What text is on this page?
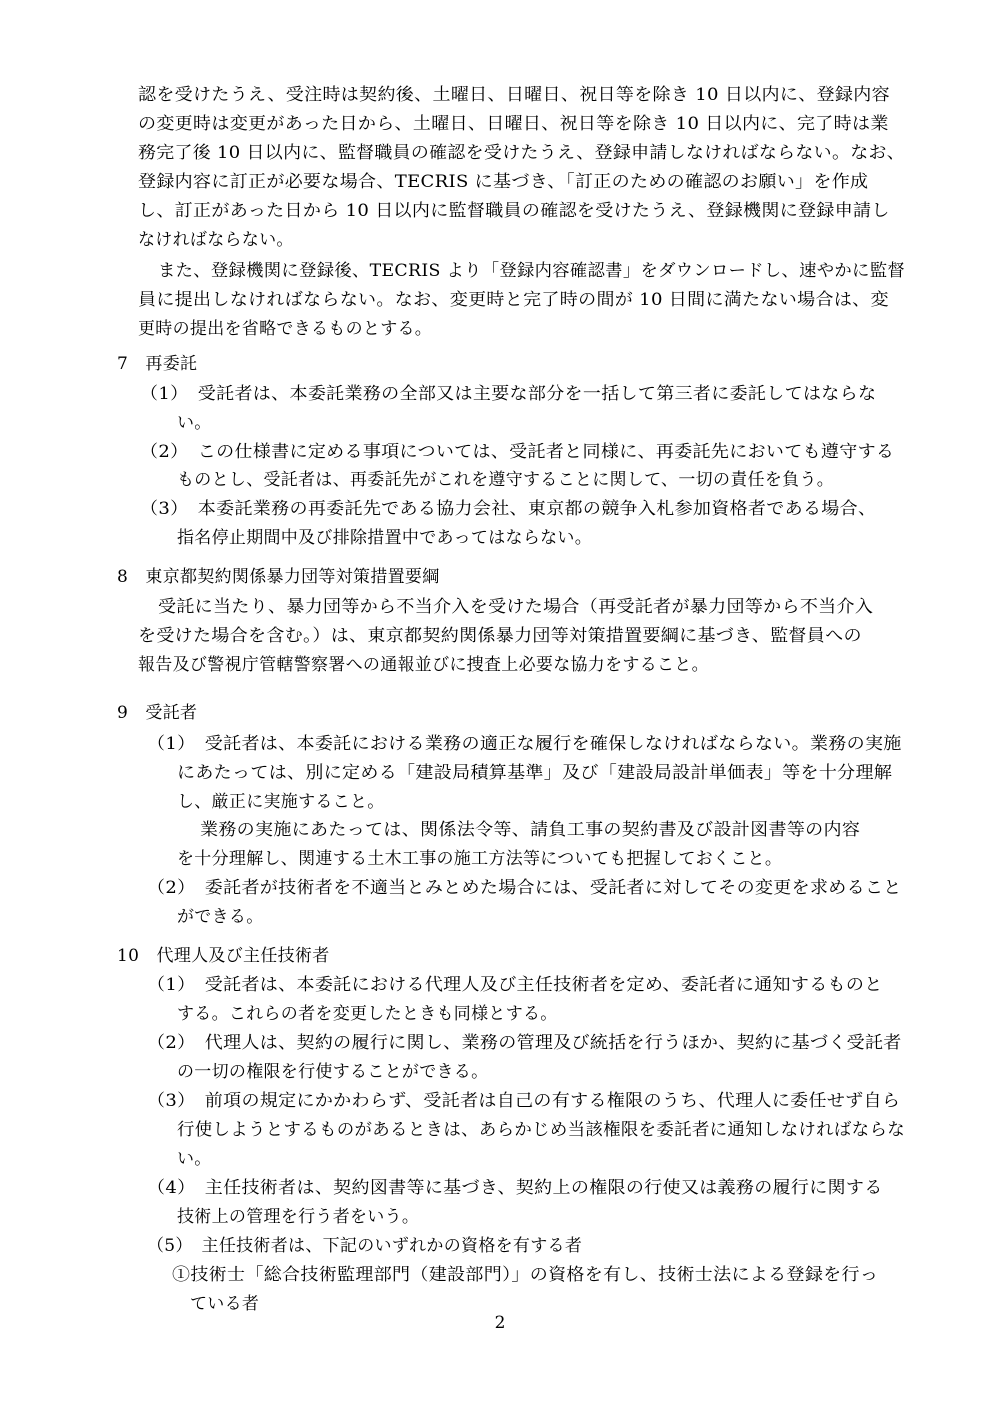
認を受けたうえ、受注時は契約後、土曜日、日曜日、祝日等を除き 10 日以内に、登録内容
の変更時は変更があった日から、土曜日、日曜日、祝日等を除き 10 日以内に、完了時は業
務完了後 10 日以内に、監督職員の確認を受けたうえ、登録申請しなければならない。なお、
登録内容に訂正が必要な場合、TECRIS に基づき、「訂正のための確認のお願い」を作成
し、訂正があった日から 10 日以内に監督職員の確認を受けたうえ、登録機関に登録申請し
なければならない。
また、登録機関に登録後、TECRIS より「登録内容確認書」をダウンロードし、速やかに監督
員に提出しなければならない。なお、変更時と完了時の間が 10 日間に満たない場合は、変
更時の提出を省略できるものとする。
7　再委託
（1）　受託者は、本委託業務の全部又は主要な部分を一括して第三者に委託してはならな
い。
（2）　この仕様書に定める事項については、受託者と同様に、再委託先においても遵守する
ものとし、受託者は、再委託先がこれを遵守することに関して、一切の責任を負う。
（3）　本委託業務の再委託先である協力会社、東京都の競争入札参加資格者である場合、
指名停止期間中及び排除措置中であってはならない。
8　東京都契約関係暴力団等対策措置要綱
受託に当たり、暴力団等から不当介入を受けた場合（再受託者が暴力団等から不当介入
を受けた場合を含む。）は、東京都契約関係暴力団等対策措置要綱に基づき、監督員への
報告及び警視庁管轄警察署への通報並びに捜査上必要な協力をすること。
9　受託者
（1）　受託者は、本委託における業務の適正な履行を確保しなければならない。業務の実施
にあたっては、別に定める「建設局積算基準」及び「建設局設計単価表」等を十分理解
し、厳正に実施すること。
業務の実施にあたっては、関係法令等、請負工事の契約書及び設計図書等の内容
を十分理解し、関連する土木工事の施工方法等についても把握しておくこと。
（2）　委託者が技術者を不適当とみとめた場合には、受託者に対してその変更を求めること
ができる。
10　代理人及び主任技術者
（1）　受託者は、本委託における代理人及び主任技術者を定め、委託者に通知するものと
する。これらの者を変更したときも同様とする。
（2）　代理人は、契約の履行に関し、業務の管理及び統括を行うほか、契約に基づく受託者
の一切の権限を行使することができる。
（3）　前項の規定にかかわらず、受託者は自己の有する権限のうち、代理人に委任せず自ら
行使しようとするものがあるときは、あらかじめ当該権限を委託者に通知しなければならな
い。
（4）　主任技術者は、契約図書等に基づき、契約上の権限の行使又は義務の履行に関する
技術上の管理を行う者をいう。
（5）　主任技術者は、下記のいずれかの資格を有する者
①技術士「総合技術監理部門（建設部門）」の資格を有し、技術士法による登録を行っ
ている者
2
